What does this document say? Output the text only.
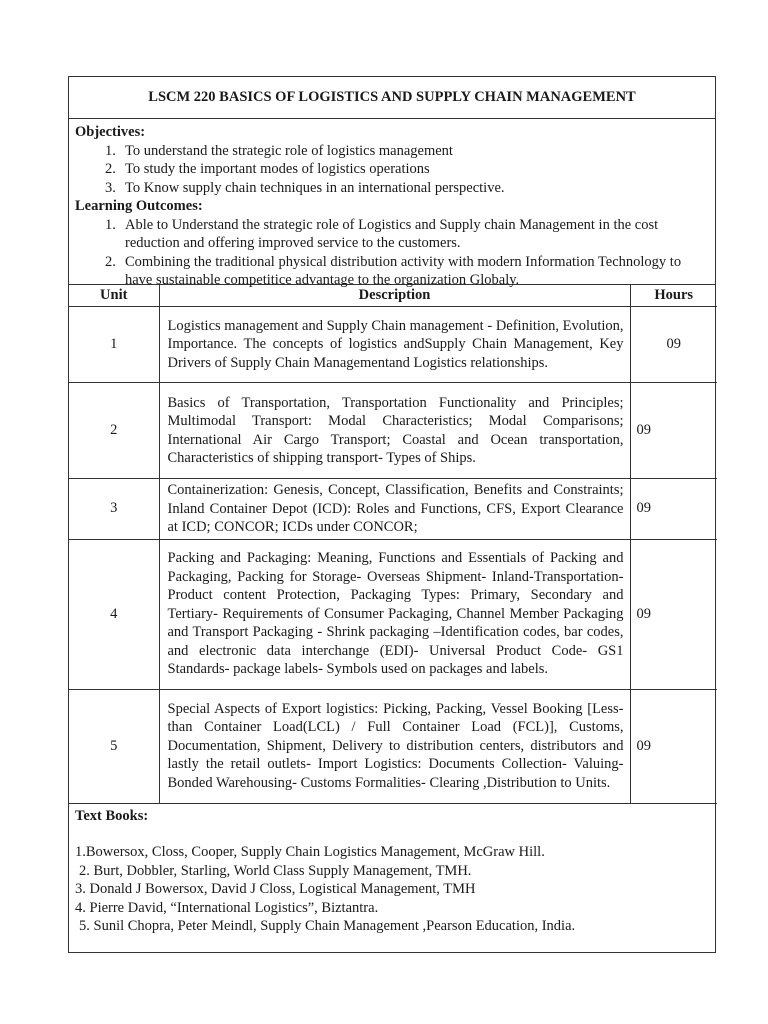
LSCM 220 BASICS OF LOGISTICS AND SUPPLY CHAIN MANAGEMENT
Objectives:
1. To understand the strategic role of logistics management
2. To study the important modes of logistics operations
3. To Know supply chain techniques in an international perspective.
Learning Outcomes:
1. Able to Understand the strategic role of Logistics and Supply chain Management in the cost reduction and offering improved service to the customers.
2. Combining the traditional physical distribution activity with modern Information Technology to have sustainable competitice advantage to the organization Globaly.
Unit	Description	Hours
1	Logistics management and Supply Chain management - Definition, Evolution, Importance. The concepts of logistics andSupply Chain Management, Key Drivers of Supply Chain Managementand Logistics relationships.	09
2	Basics of Transportation, Transportation Functionality and Principles; Multimodal Transport: Modal Characteristics; Modal Comparisons; International Air Cargo Transport; Coastal and Ocean transportation, Characteristics of shipping transport- Types of Ships.	09
3	Containerization: Genesis, Concept, Classification, Benefits and Constraints; Inland Container Depot (ICD): Roles and Functions, CFS, Export Clearance at ICD; CONCOR; ICDs under CONCOR;	09
4	Packing and Packaging: Meaning, Functions and Essentials of Packing and Packaging, Packing for Storage- Overseas Shipment- Inland-Transportation- Product content Protection, Packaging Types: Primary, Secondary and Tertiary- Requirements of Consumer Packaging, Channel Member Packaging and Transport Packaging - Shrink packaging –Identification codes, bar codes, and electronic data interchange (EDI)- Universal Product Code- GS1 Standards- package labels- Symbols used on packages and labels.	09
5	Special Aspects of Export logistics: Picking, Packing, Vessel Booking [Less-than Container Load(LCL) / Full Container Load (FCL)], Customs, Documentation, Shipment, Delivery to distribution centers, distributors and lastly the retail outlets- Import Logistics: Documents Collection- Valuing- Bonded Warehousing- Customs Formalities- Clearing ,Distribution to Units.	09
Text Books:
1.Bowersox, Closs, Cooper, Supply Chain Logistics Management, McGraw Hill.
2. Burt, Dobbler, Starling, World Class Supply Management, TMH.
3. Donald J Bowersox, David J Closs, Logistical Management, TMH
4. Pierre David, “International Logistics”, Biztantra.
5. Sunil Chopra, Peter Meindl, Supply Chain Management ,Pearson Education, India.
